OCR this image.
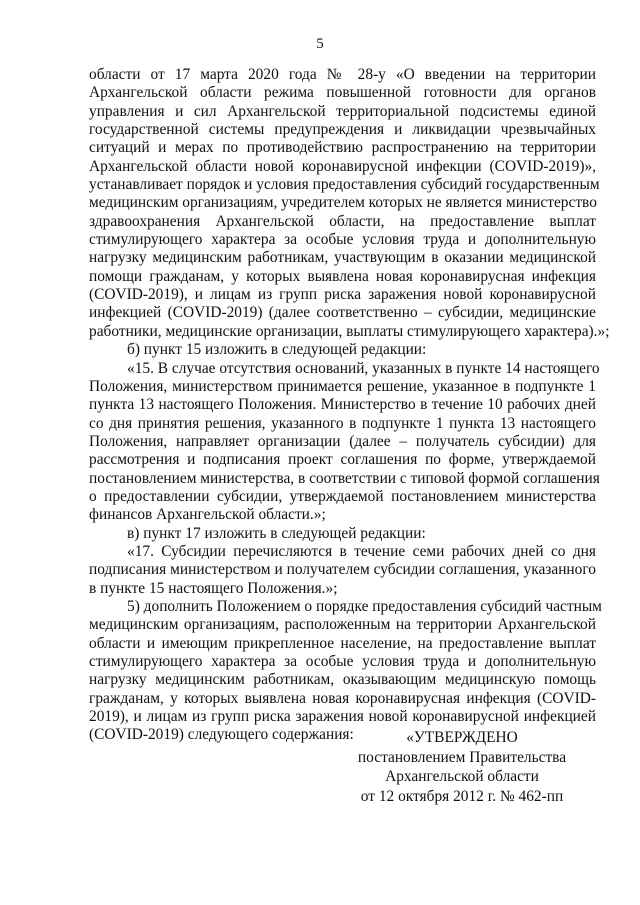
5
области от 17 марта 2020 года № 28-у «О введении на территории
Архангельской области режима повышенной готовности для органов
управления и сил Архангельской территориальной подсистемы единой
государственной системы предупреждения и ликвидации чрезвычайных
ситуаций и мерах по противодействию распространению на территории
Архангельской области новой коронавирусной инфекции (COVID-2019)»,
устанавливает порядок и условия предоставления субсидий государственным
медицинским организациям, учредителем которых не является министерство
здравоохранения Архангельской области, на предоставление выплат
стимулирующего характера за особые условия труда и дополнительную
нагрузку медицинским работникам, участвующим в оказании медицинской
помощи гражданам, у которых выявлена новая коронавирусная инфекция
(COVID-2019), и лицам из групп риска заражения новой коронавирусной
инфекцией (COVID-2019) (далее соответственно – субсидии, медицинские
работники, медицинские организации, выплаты стимулирующего характера).»;
б) пункт 15 изложить в следующей редакции:
«15. В случае отсутствия оснований, указанных в пункте 14 настоящего
Положения, министерством принимается решение, указанное в подпункте 1
пункта 13 настоящего Положения. Министерство в течение 10 рабочих дней
со дня принятия решения, указанного в подпункте 1 пункта 13 настоящего
Положения, направляет организации (далее – получатель субсидии) для
рассмотрения и подписания проект соглашения по форме, утверждаемой
постановлением министерства, в соответствии с типовой формой соглашения
о предоставлении субсидии, утверждаемой постановлением министерства
финансов Архангельской области.»;
в) пункт 17 изложить в следующей редакции:
«17. Субсидии перечисляются в течение семи рабочих дней со дня
подписания министерством и получателем субсидии соглашения, указанного
в пункте 15 настоящего Положения.»;
5) дополнить Положением о порядке предоставления субсидий частным
медицинским организациям, расположенным на территории Архангельской
области и имеющим прикрепленное население, на предоставление выплат
стимулирующего характера за особые условия труда и дополнительную
нагрузку медицинским работникам, оказывающим медицинскую помощь
гражданам, у которых выявлена новая коронавирусная инфекция (COVID-
2019), и лицам из групп риска заражения новой коронавирусной инфекцией
(COVID-2019) следующего содержания:	«УТВЕРЖДЕНО
постановлением Правительства
Архангельской области
от 12 октября 2012 г. № 462-пп
